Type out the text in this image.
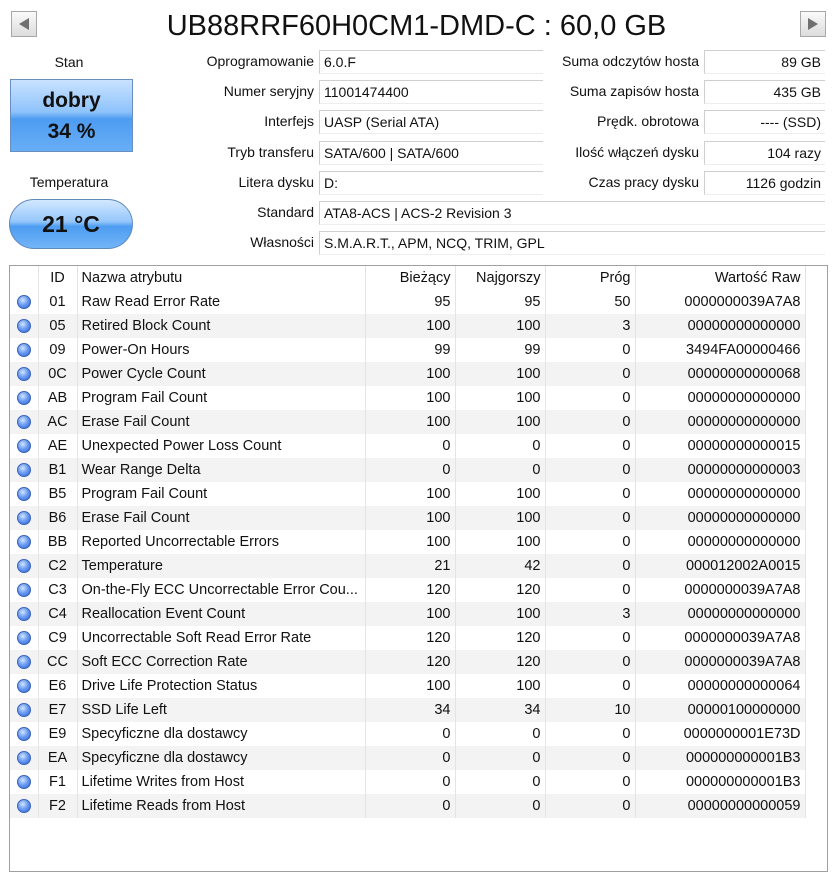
UB88RRF60H0CM1-DMD-C : 60,0 GB
Stan
dobry
34 %
Temperatura
21 °C
Oprogramowanie 6.0.F
Numer seryjny 11001474400
Interfejs UASP (Serial ATA)
Tryb transferu SATA/600 | SATA/600
Litera dysku D:
Suma odczytów hosta	89 GB
Suma zapisów hosta	435 GB
Prędk. obrotowa	---- (SSD)
Ilość włączeń dysku	104 razy
Czas pracy dysku	1126 godzin
Standard ATA8-ACS | ACS-2 Revision 3
Własności S.M.A.R.T., APM, NCQ, TRIM, GPL
	ID	Nazwa atrybutu	Bieżący	Najgorszy	Próg	Wartość Raw
	01	Raw Read Error Rate	95	95	50	0000000039A7A8
	05	Retired Block Count	100	100	3	00000000000000
	09	Power-On Hours	99	99	0	3494FA00000466
	0C	Power Cycle Count	100	100	0	00000000000068
	AB	Program Fail Count	100	100	0	00000000000000
	AC	Erase Fail Count	100	100	0	00000000000000
	AE	Unexpected Power Loss Count	0	0	0	00000000000015
	B1	Wear Range Delta	0	0	0	00000000000003
	B5	Program Fail Count	100	100	0	00000000000000
	B6	Erase Fail Count	100	100	0	00000000000000
	BB	Reported Uncorrectable Errors	100	100	0	00000000000000
	C2	Temperature	21	42	0	000012002A0015
	C3	On-the-Fly ECC Uncorrectable Error Cou...	120	120	0	0000000039A7A8
	C4	Reallocation Event Count	100	100	3	00000000000000
	C9	Uncorrectable Soft Read Error Rate	120	120	0	0000000039A7A8
	CC	Soft ECC Correction Rate	120	120	0	0000000039A7A8
	E6	Drive Life Protection Status	100	100	0	00000000000064
	E7	SSD Life Left	34	34	10	00000100000000
	E9	Specyficzne dla dostawcy	0	0	0	0000000001E73D
	EA	Specyficzne dla dostawcy	0	0	0	000000000001B3
	F1	Lifetime Writes from Host	0	0	0	000000000001B3
	F2	Lifetime Reads from Host	0	0	0	00000000000059
